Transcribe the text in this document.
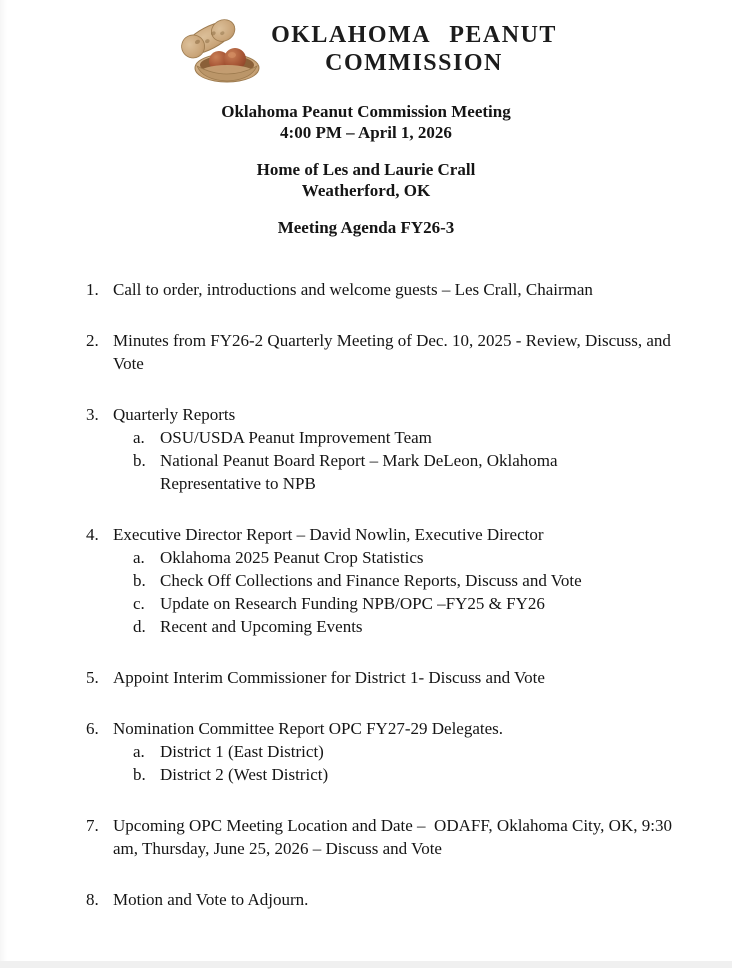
OKLAHOMA PEANUT
COMMISSION

Oklahoma Peanut Commission Meeting

4:00 PM – April 1, 2026

Home of Les and Laurie Crall

Weatherford, OK

Meeting Agenda FY26-3

1. Call to order, introductions and welcome guests – Les Crall, Chairman
2. Minutes from FY26-2 Quarterly Meeting of Dec. 10, 2025 - Review, Discuss, and Vote
3. Quarterly Reports
a. OSU/USDA Peanut Improvement Team
b. National Peanut Board Report – Mark DeLeon, Oklahoma Representative to NPB
4. Executive Director Report – David Nowlin, Executive Director
a. Oklahoma 2025 Peanut Crop Statistics
b. Check Off Collections and Finance Reports, Discuss and Vote
c. Update on Research Funding NPB/OPC –FY25 & FY26
d. Recent and Upcoming Events
5. Appoint Interim Commissioner for District 1- Discuss and Vote
6. Nomination Committee Report OPC FY27-29 Delegates.
a. District 1 (East District)
b. District 2 (West District)
7. Upcoming OPC Meeting Location and Date –  ODAFF, Oklahoma City, OK, 9:30 am, Thursday, June 25, 2026 – Discuss and Vote
8. Motion and Vote to Adjourn.
